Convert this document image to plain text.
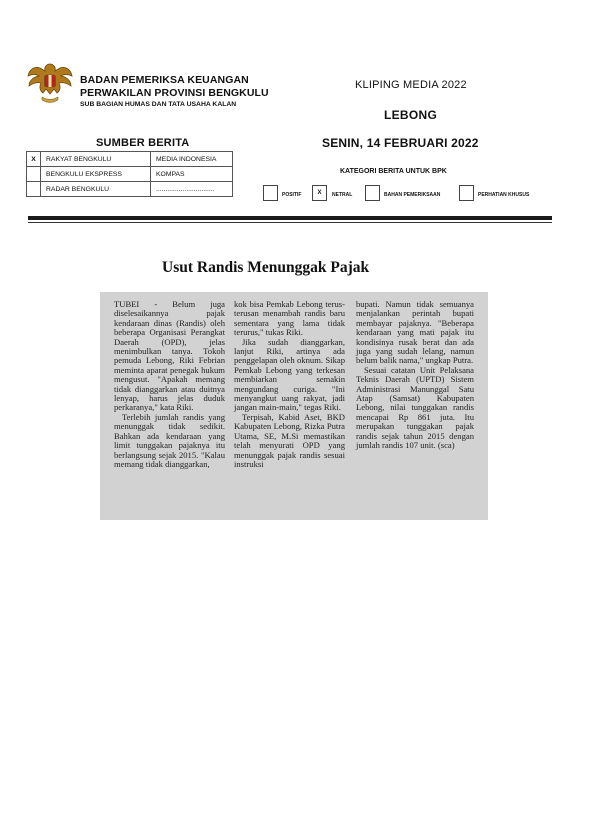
BADAN PEMERIKSA KEUANGAN
PERWAKILAN PROVINSI BENGKULU
SUB BAGIAN HUMAS DAN TATA USAHA KALAN
KLIPING MEDIA 2022
LEBONG
SUMBER BERITA	SENIN, 14 FEBRUARI 2022
X	RAKYAT BENGKULU	MEDIA INDONESIA
	BENGKULU EKSPRESS	KOMPAS
	RADAR BENGKULU	...............................
KATEGORI BERITA UNTUK BPK
POSITIF	X	NETRAL	BAHAN PEMERIKSAAN	PERHATIAN KHUSUS
Usut Randis Menunggak Pajak

TUBEI - Belum juga diselesaikannya pajak kendaraan dinas (Randis) oleh beberapa Organisasi Perangkat Daerah (OPD), jelas menimbulkan tanya. Tokoh pemuda Lebong, Riki Febrian meminta aparat penegak hukum mengusut. "Apakah memang tidak dianggarkan atau duitnya lenyap, harus jelas duduk perkaranya," kata Riki.

Terlebih jumlah randis yang menunggak tidak sedikit. Bahkan ada kendaraan yang limit tunggakan pajaknya itu berlangsung sejak 2015. "Kalau memang tidak dianggarkan,

kok bisa Pemkab Lebong terus-terusan menambah randis baru sementara yang lama tidak terurus," tukas Riki.

Jika sudah dianggarkan, lanjut Riki, artinya ada penggelapan oleh oknum. Sikap Pemkab Lebong yang terkesan membiarkan semakin mengundang curiga. "Ini menyangkut uang rakyat, jadi jangan main-main," tegas Riki.

Terpisah, Kabid Aset, BKD Kabupaten Lebong, Rizka Putra Utama, SE, M.Si memastikan telah menyurati OPD yang menunggak pajak randis sesuai instruksi

bupati. Namun tidak semuanya menjalankan perintah bupati membayar pajaknya. "Beberapa kendaraan yang mati pajak itu kondisinya rusak berat dan ada juga yang sudah lelang, namun belum balik nama," ungkap Putra.

Sesuai catatan Unit Pelaksana Teknis Daerah (UPTD) Sistem Administrasi Manunggal Satu Atap (Samsat) Kabupaten Lebong, nilai tunggakan randis mencapai Rp 861 juta. Itu merupakan tunggakan pajak randis sejak tahun 2015 dengan jumlah randis 107 unit. (sca)
